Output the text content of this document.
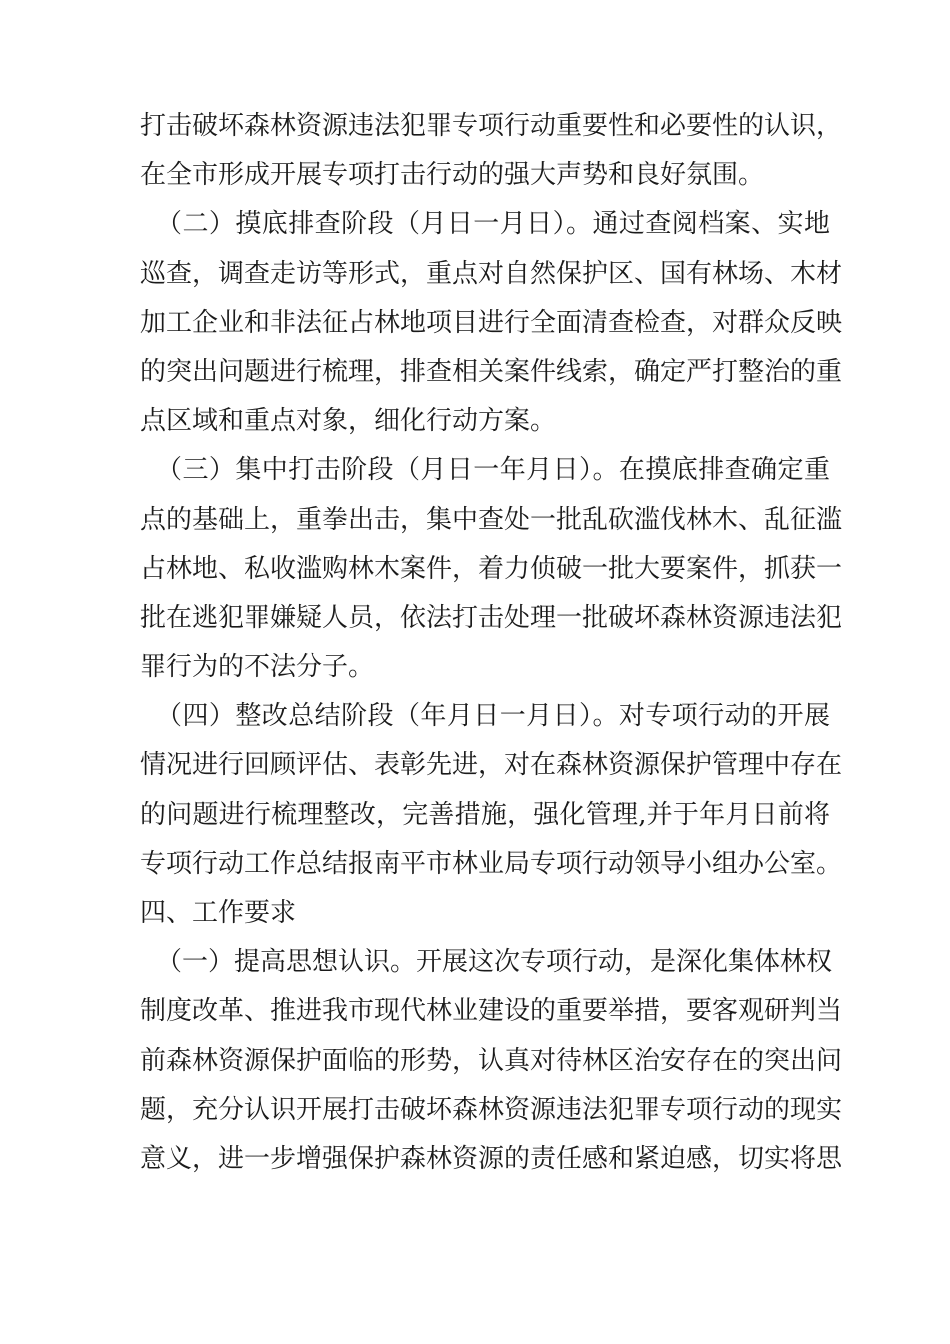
打击破坏森林资源违法犯罪专项行动重要性和必要性的认识，
在全市形成开展专项打击行动的强大声势和良好氛围。
（二）摸底排查阶段（月日一月日）。通过查阅档案、实地
巡查，调查走访等形式，重点对自然保护区、国有林场、木材
加工企业和非法征占林地项目进行全面清查检查，对群众反映
的突出问题进行梳理，排查相关案件线索，确定严打整治的重
点区域和重点对象，细化行动方案。
（三）集中打击阶段（月日一年月日）。在摸底排查确定重
点的基础上，重拳出击，集中查处一批乱砍滥伐林木、乱征滥
占林地、私收滥购林木案件，着力侦破一批大要案件，抓获一
批在逃犯罪嫌疑人员，依法打击处理一批破坏森林资源违法犯
罪行为的不法分子。
（四）整改总结阶段（年月日一月日）。对专项行动的开展
情况进行回顾评估、表彰先进，对在森林资源保护管理中存在
的问题进行梳理整改，完善措施，强化管理,并于年月日前将
专项行动工作总结报南平市林业局专项行动领导小组办公室。
四、工作要求
（一）提高思想认识。开展这次专项行动，是深化集体林权
制度改革、推进我市现代林业建设的重要举措，要客观研判当
前森林资源保护面临的形势，认真对待林区治安存在的突出问
题，充分认识开展打击破坏森林资源违法犯罪专项行动的现实
意义，进一步增强保护森林资源的责任感和紧迫感，切实将思
